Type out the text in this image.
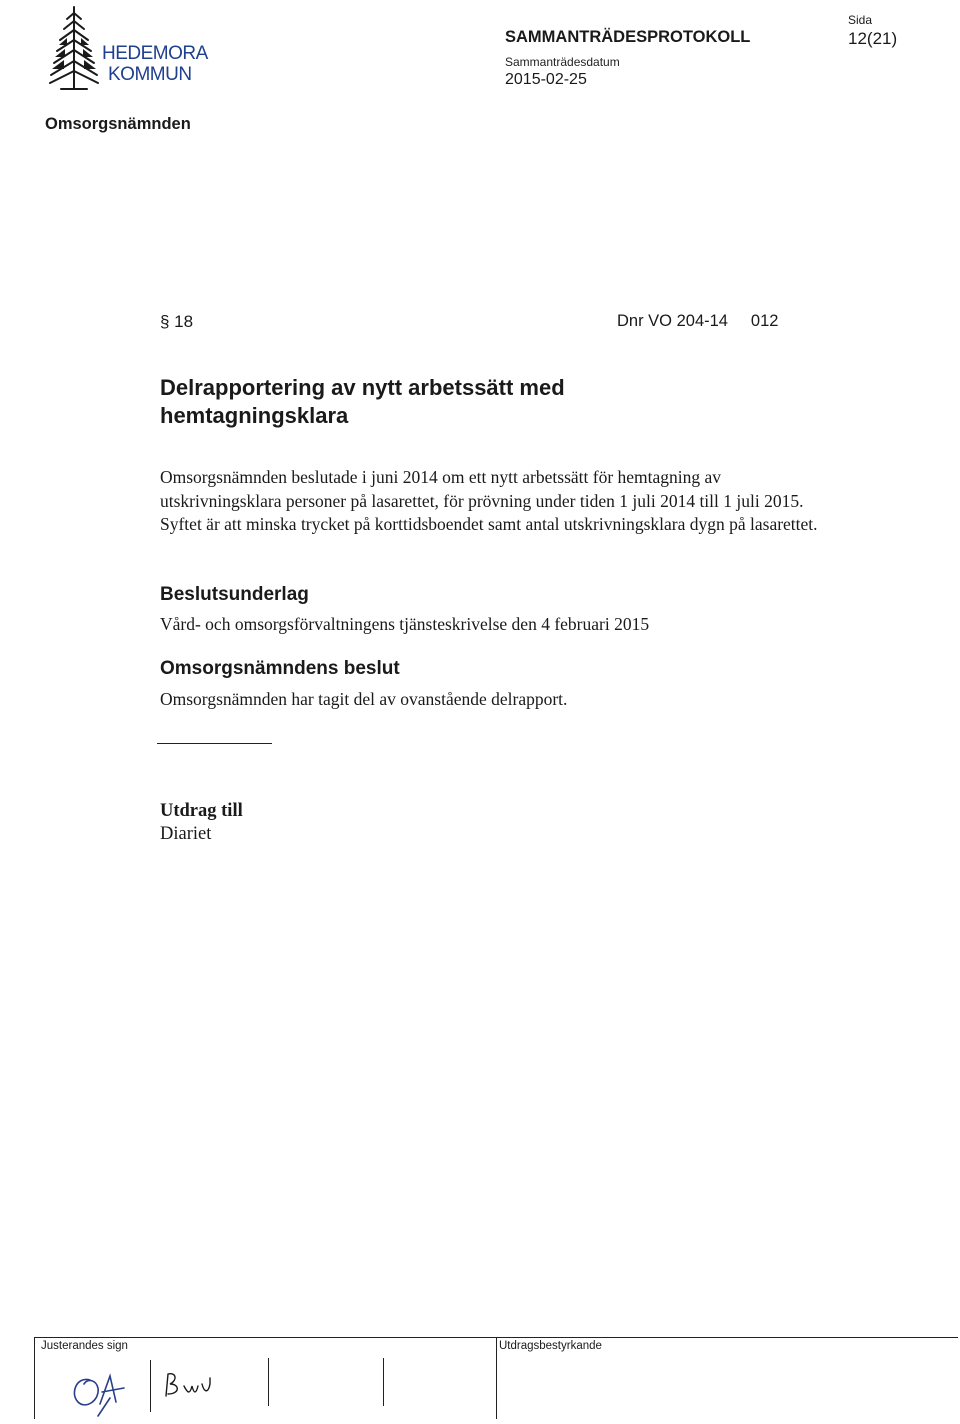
HEDEMORA
KOMMUN
SAMMANTRÄDESPROTOKOLL
Sammanträdesdatum
2015-02-25
Sida
12(21)
Omsorgsnämnden
§ 18	Dnr VO 204-14     012
Delrapportering av nytt arbetssätt med hemtagningsklara
Omsorgsnämnden beslutade i juni 2014 om ett nytt arbetssätt för hemtagning av utskrivningsklara personer på lasarettet, för prövning under tiden 1 juli 2014 till 1 juli 2015. Syftet är att minska trycket på korttidsboendet samt antal utskrivningsklara dygn på lasarettet.
Beslutsunderlag
Vård- och omsorgsförvaltningens tjänsteskrivelse den 4 februari 2015
Omsorgsnämndens beslut
Omsorgsnämnden har tagit del av ovanstående delrapport.
Utdrag till
Diariet
Justerandes sign	Utdragsbestyrkande
